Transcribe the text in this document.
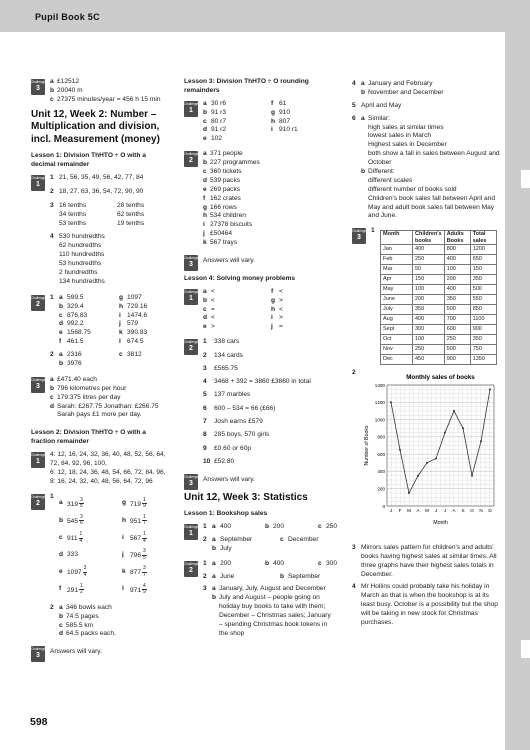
Pupil Book 5C
Challenge
3
a £12512
b 20040 m
c 27375 minutes/year = 456 h 15 min
Unit 12, Week 2: Number – Multiplication and division, incl. Measurement (money)
Lesson 1: Division ThHTO ÷ O with a decimal remainder
Challenge
1
1 21, 56, 35, 49, 56, 42, 77, 84
2 18, 27, 63, 36, 54, 72, 90, 90
3 16 tenths	28 tenths
34 tenths	62 tenths
53 tenths	19 tenths
4 530 hundredths
62 hundredths
110 hundredths
53 hundredths
2 hundredths
134 hundredths
Challenge
2
1 a 599.5	g 1097
b 329.4	h 729.16
c 876.83	i 1474.6
d 992.2	j 579
e 1568.75	k 390.83
f 461.5	l 674.5
2 a 2316	c 3812
b 3976
Challenge
3
a £471.40 each
b 796 kilometres per hour
c 179.375 litres per day
d Sarah: £267.75 Jonathan: £266.75
Sarah pays £1 more per day.
Lesson 2: Division ThHTO ÷ O with a fraction remainder
Challenge
1
4: 12, 16, 24, 32, 36, 40, 48, 52, 56, 64, 72, 84, 92, 96, 100,
6: 12, 18, 24, 36, 48, 54, 66, 72, 84, 96,
8: 16, 24, 32, 40, 48, 56, 64, 72, 96
Challenge
2
1
a $319 \frac{3}{5}$	g $719 \frac{1}{9}$
b $545 \frac{3}{6}$	h $951 \frac{1}{7}$
c $911 \frac{1}{4}$	i $567 \frac{1}{4}$
d 333	j $796 \frac{3}{5}$
e $1097 \frac{3}{4}$	k $877 \frac{3}{7}$
f $291 \frac{1}{2}$	l $971 \frac{4}{9}$
2 a 346 bowls each
b 74.5 pages
c 585.5 km
d 64.5 packs each.
Challenge
3
Answers will vary.
Lesson 3: Division ThHTO ÷ O rounding remainders
Challenge
1
a 30 r6	f 61
b 91 r3	g 910
c 80 r7	h 807
d 91 r2	i 910 r1
e 102
Challenge
2
a 371 people
b 227 programmes
c 360 tickets
d 539 packs
e 269 packs
f 162 crates
g 166 rows
h 534 children
i 27378 biscuits
j £50464
k 567 trays
Challenge
3
Answers will vary.
Lesson 4: Solving money problems
Challenge
1
a <	f <
b <	g >
c =	h <
d <	i >
e >	j =
Challenge
2
1	338 cars
2	134 cards
3	£565.75
4	3468 + 392 = 3860 £3860 in total
5	137 marbles
6	600 – 534 = 66 (£66)
7	Josh earns £579
8	285 boys, 570 girls
9	£0.60 or 60p
10 £52.80
Challenge
3
Answers will vary.
Unit 12, Week 3: Statistics
Lesson 1: Bookshop sales
Challenge
1
1 a 400	b 200	c 250
2 a September	c December
b July
Challenge
2
1 a 200	b 400	c 300
2 a June	b September
3 a January, July, August and December
b July and August – people going on holiday buy books to take with them; December – Christmas sales; January – spending Christmas book tokens in the shop
4 a January and February
b November and December
5 April and May
6 a Similar:
high sales at similar times
lowest sales in March
Highest sales in December
both show a fall in sales between August and October
b Different:
different scales
different number of books sold
Children's book sales fall between April and May and adult book sales fall between May and June.
Challenge
3
1	Month	Children's books	Adults Books	Total sales
Jan	400	800	1200
Feb	250	400	650
Mar	50	100	150
Apr	150	200	350
May	100	400	500
June	200	350	550
July	350	500	850
Aug	400	700	1100
Sept	300	600	900
Oct	100	250	350
Nov	250	500	750
Dec	450	900	1350
2
Monthly sales of books
0
200
400
600
800
1000
1200
1400
J F M A M J J A S O N D
Month
Number of Books
3 Mirrors sales pattern for children's and adults' books having highest sales at similar times. All three graphs have their highest sales totals in December.
4 Mr Hollins could probably take his holiday in March as that is when the bookshop is at its least busy. October is a possibility but the shop will be taking in new stock for Christmas purchases.
598
